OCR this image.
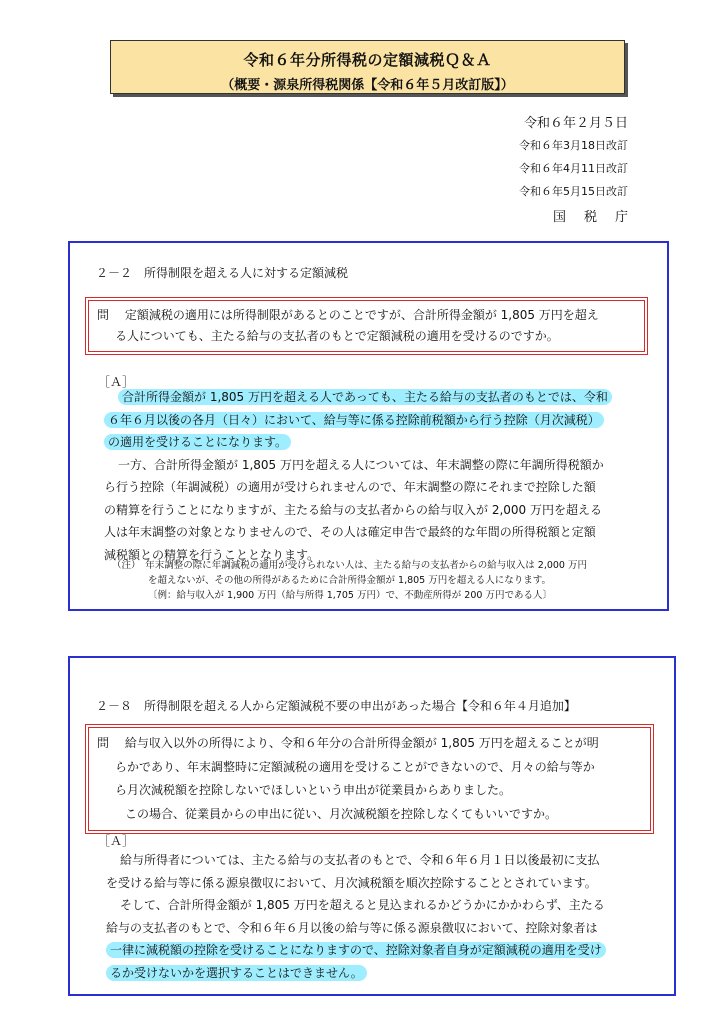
令和６年分所得税の定額減税Ｑ＆Ａ
（概要・源泉所得税関係【令和６年５月改訂版】）
令和６年２月５日
令和６年3月18日改訂
令和６年4月11日改訂
令和６年5月15日改訂
国税庁
２－２　所得制限を超える人に対する定額減税
問　 定額減税の適用には所得制限があるとのことですが、合計所得金額が 1,805 万円を超え
る人についても、主たる給与の支払者のもとで定額減税の適用を受けるのですか。
［Ａ］
合計所得金額が 1,805 万円を超える人であっても、主たる給与の支払者のもとでは、令和
６年６月以後の各月（日々）において、給与等に係る控除前税額から行う控除（月次減税）
の適用を受けることになります。
一方、合計所得金額が 1,805 万円を超える人については、年末調整の際に年調所得税額か
ら行う控除（年調減税）の適用が受けられませんので、年末調整の際にそれまで控除した額
の精算を行うことになりますが、主たる給与の支払者からの給与収入が 2,000 万円を超える
人は年末調整の対象となりませんので、その人は確定申告で最終的な年間の所得税額と定額
減税額との精算を行うこととなります。
（注）　年末調整の際に年調減税の適用が受けられない人は、主たる給与の支払者からの給与収入は 2,000 万円
を超えないが、その他の所得があるために合計所得金額が 1,805 万円を超える人になります。
〔例：給与収入が 1,900 万円（給与所得 1,705 万円）で、不動産所得が 200 万円である人〕
２－８　所得制限を超える人から定額減税不要の申出があった場合【令和６年４月追加】
問　 給与収入以外の所得により、令和６年分の合計所得金額が 1,805 万円を超えることが明
らかであり、年末調整時に定額減税の適用を受けることができないので、月々の給与等か
ら月次減税額を控除しないでほしいという申出が従業員からありました。
この場合、従業員からの申出に従い、月次減税額を控除しなくてもいいですか。
［Ａ］
給与所得者については、主たる給与の支払者のもとで、令和６年６月１日以後最初に支払
を受ける給与等に係る源泉徴収において、月次減税額を順次控除することとされています。
そして、合計所得金額が 1,805 万円を超えると見込まれるかどうかにかかわらず、主たる
給与の支払者のもとで、令和６年６月以後の給与等に係る源泉徴収において、控除対象者は
一律に減税額の控除を受けることになりますので、控除対象者自身が定額減税の適用を受け
るか受けないかを選択することはできません。
